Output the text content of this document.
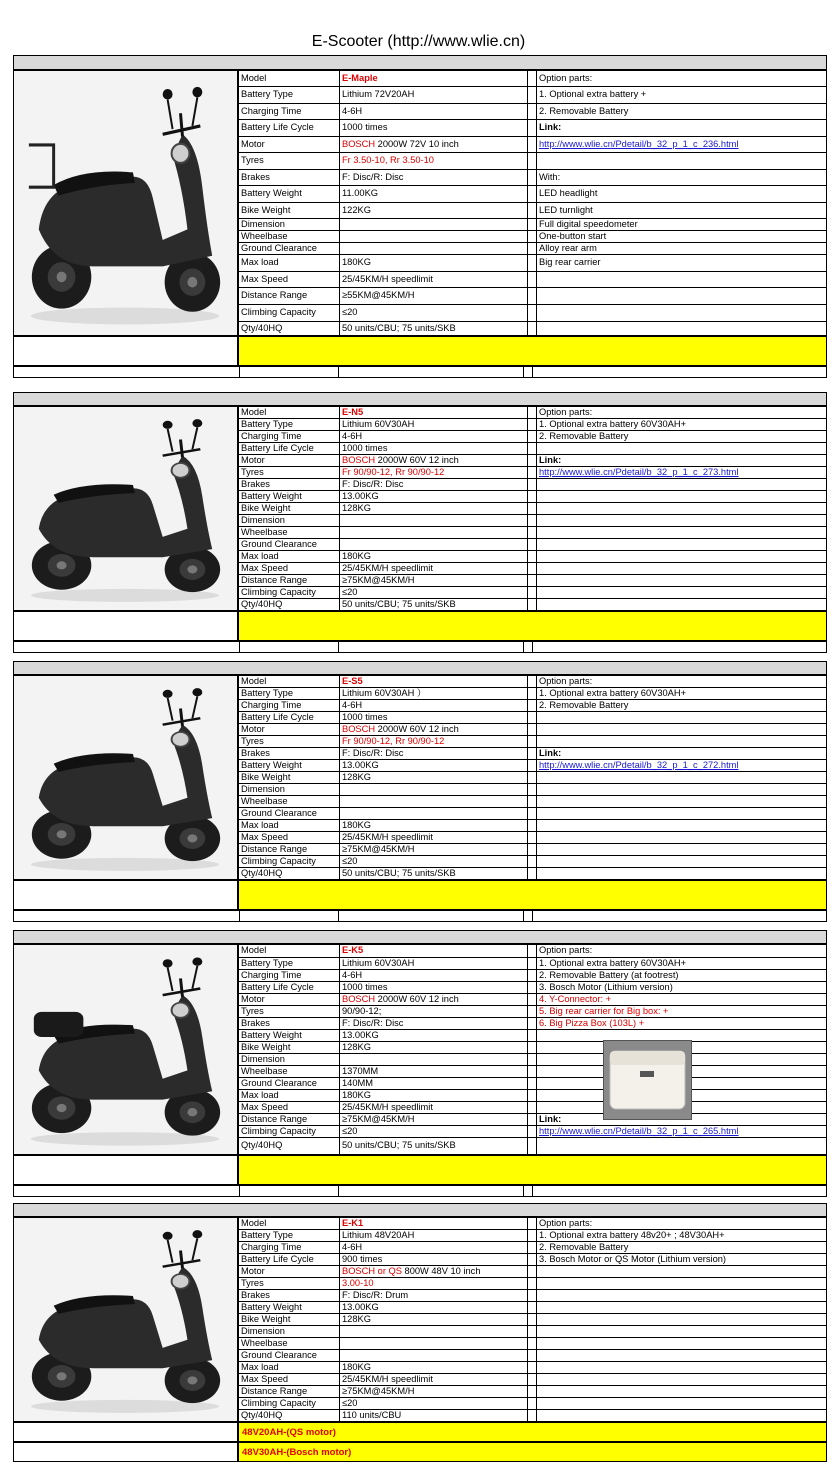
E-Scooter (http://www.wlie.cn)
Model	E-Maple		Option parts:
Battery Type	Lithium 72V20AH		1. Optional extra battery +
Charging Time	4-6H		2. Removable Battery
Battery Life Cycle	1000 times		Link:
Motor	BOSCH 2000W 72V 10 inch		http://www.wlie.cn/Pdetail/b_32_p_1_c_236.html
Tyres	Fr 3.50-10, Rr 3.50-10		
Brakes	F: Disc/R: Disc		With:
Battery Weight	11.00KG		LED headlight
Bike Weight	122KG		LED turnlight
Dimension			Full digital speedometer
Wheelbase			One-button start
Ground Clearance			Alloy rear arm
Max load	180KG		Big rear carrier
Max Speed	25/45KM/H speedlimit		
Distance Range	≥55KM@45KM/H		
Climbing Capacity	≤20		
Qty/40HQ	50 units/CBU; 75 units/SKB		
Model	E-N5		Option parts:
Battery Type	Lithium 60V30AH		1. Optional extra battery 60V30AH+
Charging Time	4-6H		2. Removable Battery
Battery Life Cycle	1000 times		
Motor	BOSCH 2000W 60V 12 inch		Link:
Tyres	Fr 90/90-12, Rr 90/90-12		http://www.wlie.cn/Pdetail/b_32_p_1_c_273.html
Brakes	F: Disc/R: Disc		
Battery Weight	13.00KG		
Bike Weight	128KG		
Dimension			
Wheelbase			
Ground Clearance			
Max load	180KG		
Max Speed	25/45KM/H speedlimit		
Distance Range	≥75KM@45KM/H		
Climbing Capacity	≤20		
Qty/40HQ	50 units/CBU; 75 units/SKB		
Model	E-S5		Option parts:
Battery Type	Lithium 60V30AH ）		1. Optional extra battery 60V30AH+
Charging Time	4-6H		2. Removable Battery
Battery Life Cycle	1000 times		
Motor	BOSCH 2000W 60V 12 inch		
Tyres	Fr 90/90-12, Rr 90/90-12		
Brakes	F: Disc/R: Disc		Link:
Battery Weight	13.00KG		http://www.wlie.cn/Pdetail/b_32_p_1_c_272.html
Bike Weight	128KG		
Dimension			
Wheelbase			
Ground Clearance			
Max load	180KG		
Max Speed	25/45KM/H speedlimit		
Distance Range	≥75KM@45KM/H		
Climbing Capacity	≤20		
Qty/40HQ	50 units/CBU; 75 units/SKB		
Model	E-K5		Option parts:
Battery Type	Lithium 60V30AH		1. Optional extra battery 60V30AH+
Charging Time	4-6H		2. Removable Battery (at footrest)
Battery Life Cycle	1000 times		3. Bosch Motor (Lithium version)
Motor	BOSCH 2000W 60V 12 inch		4. Y-Connector: +
Tyres	90/90-12;		5. Big rear carrier for Big box: +
Brakes	F: Disc/R: Disc		6. Big Pizza Box (103L) +
Battery Weight	13.00KG		
Bike Weight	128KG		
Dimension			
Wheelbase	1370MM		
Ground Clearance	140MM		
Max load	180KG		
Max Speed	25/45KM/H speedlimit		
Distance Range	≥75KM@45KM/H		Link:
Climbing Capacity	≤20		http://www.wlie.cn/Pdetail/b_32_p_1_c_265.html
Qty/40HQ	50 units/CBU; 75 units/SKB		
Model	E-K1		Option parts:
Battery Type	Lithium 48V20AH		1. Optional extra battery 48v20+ ; 48V30AH+
Charging Time	4-6H		2. Removable Battery
Battery Life Cycle	900 times		3. Bosch Motor or QS Motor (Lithium version)
Motor	BOSCH or QS 800W 48V 10 inch		
Tyres	3.00-10		
Brakes	F: Disc/R: Drum		
Battery Weight	13.00KG		
Bike Weight	128KG		
Dimension			
Wheelbase			
Ground Clearance			
Max load	180KG		
Max Speed	25/45KM/H speedlimit		
Distance Range	≥75KM@45KM/H		
Climbing Capacity	≤20		
Qty/40HQ	110 units/CBU		
48V20AH-(QS motor)
48V30AH-(Bosch motor)
